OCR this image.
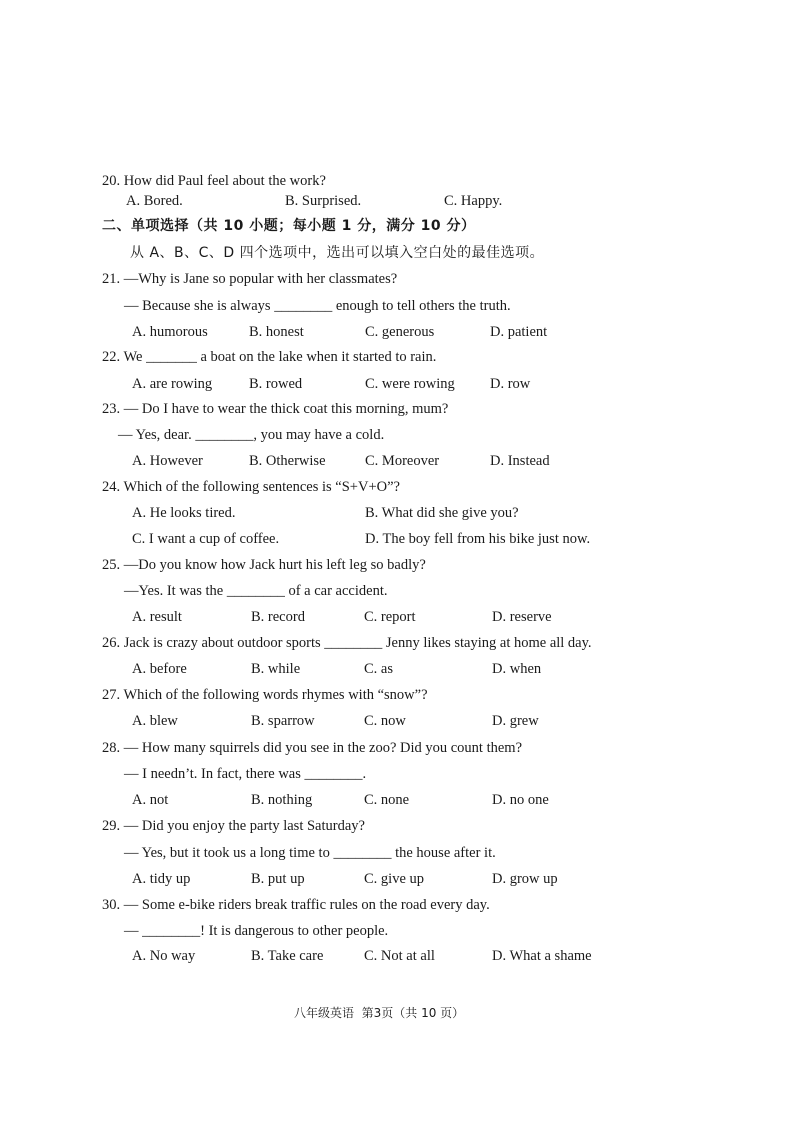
20. How did Paul feel about the work?

A. Bored.

	B. Surprised.

	C. Happy.

二、单项选择（共 10 小题；每小题 1 分，满分 10 分）

从 A、B、C、D 四个选项中，选出可以填入空白处的最佳选项。

21. —Why is Jane so popular with her classmates?

— Because she is always ________ enough to tell others the truth.

A. humorous

	B. honest

	C. generous

	D. patient

22. We _______ a boat on the lake when it started to rain.

A. are rowing

	B. rowed

	C. were rowing

D. row

23. — Do I have to wear the thick coat this morning, mum?

— Yes, dear. ________, you may have a cold.

A. However

	B. Otherwise

	C. Moreover

	D. Instead

24. Which of the following sentences is “S+V+O”?

A. He looks tired.

	B. What did she give you?

C. I want a cup of coffee.

	D. The boy fell from his bike just now.

25. —Do you know how Jack hurt his left leg so badly?

—Yes. It was the ________ of a car accident.

A. result

	B. record

	C. report

	D. reserve

26. Jack is crazy about outdoor sports ________ Jenny likes staying at home all day.

A. before

	B. while

	C. as

	D. when

27. Which of the following words rhymes with “snow”?

A. blew

	B. sparrow

	C. now

	D. grew

28. — How many squirrels did you see in the zoo? Did you count them?

— I needn’t. In fact, there was ________.

A. not

	B. nothing

	C. none

	D. no one

29. — Did you enjoy the party last Saturday?

— Yes, but it took us a long time to ________ the house after it.

A. tidy up

	B. put up

	C. give up

	D. grow up

30. — Some e-bike riders break traffic rules on the road every day.

— ________! It is dangerous to other people.

A. No way

	B. Take care

	C. Not at all

	D. What a shame

八年级英语  第3页（共 10 页）
